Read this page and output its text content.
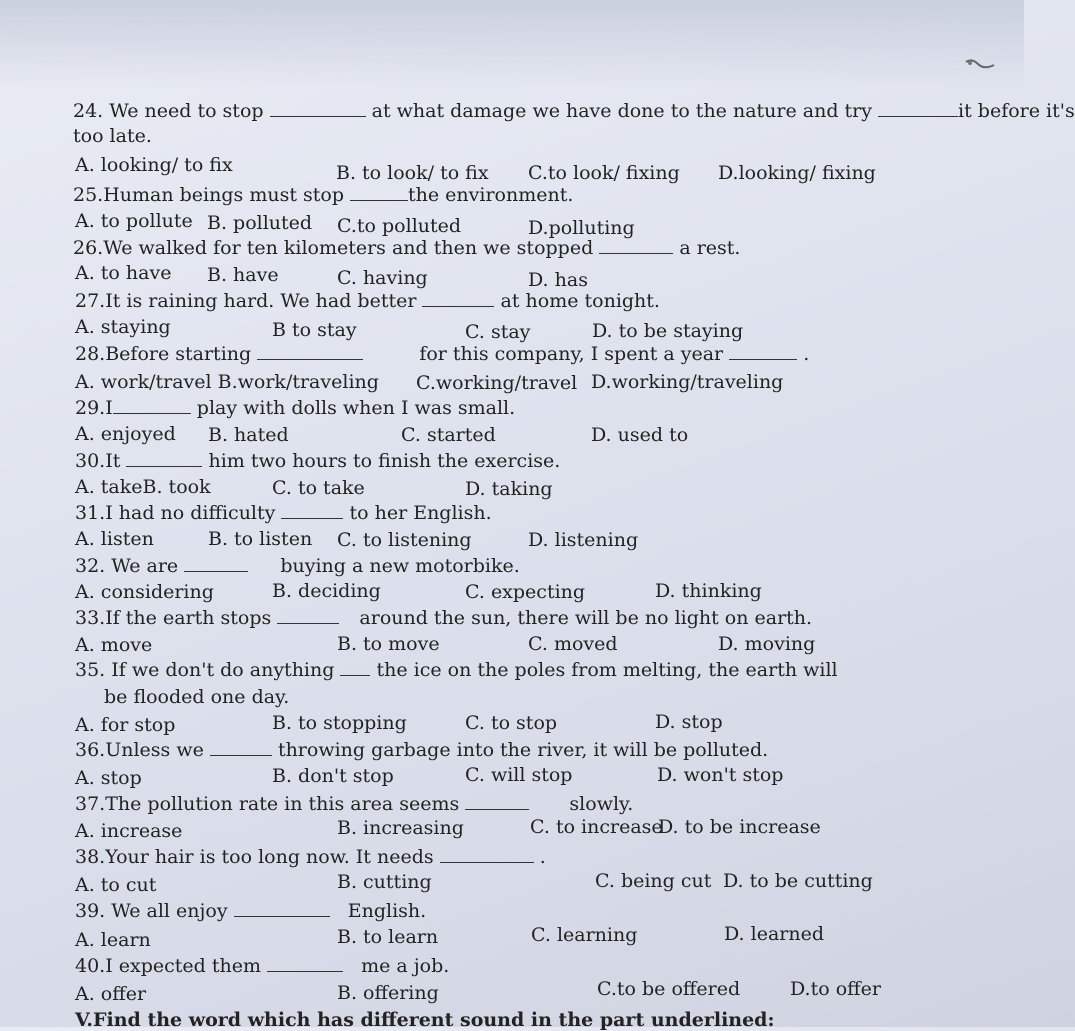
24. We need to stop	at what damage we have done to the nature and try	it before it's
too late.
A. looking/ to fix	B. to look/ to fix C.to look/ fixing D.looking/ fixing
25.Human beings must stop	the environment.
A. to pollute B. polluted C.to polluted	D.polluting
26.We walked for ten kilometers and then we stopped	a rest.
A. to have B. have	C. having	D. has
27.It is raining hard. We had better	at home tonight.
A. staying	B to stay	C. stay	D. to be staying
28.Before starting	for this company, I spent a year	.
A. work/travel B.work/traveling C.working/travel D.working/traveling
29.I	play with dolls when I was small.
A. enjoyed B. hated	C. started	D. used to
30.It	him two hours to finish the exercise.
A. takeB. took	C. to take	D. taking
31.I had no difficulty	to her English.
A. listen	B. to listen C. to listening	D. listening
32. We are	buying a new motorbike.
A. considering	B. deciding	C. expecting	D. thinking
33.If the earth stops	around the sun, there will be no light on earth.
A. move	B. to move	C. moved	D. moving
35. If we don't do anything the ice on the poles from melting, the earth will
be flooded one day.
A. for stop	B. to stopping	C. to stop	D. stop
36.Unless we	throwing garbage into the river, it will be polluted.
A. stop	B. don't stop	C. will stop	D. won't stop
37.The pollution rate in this area seems	slowly.
A. increase	B. increasing	C. to increase
D. to be increase
38.Your hair is too long now. It needs	.
A. to cut	B. cutting	C. being cut D. to be cutting
39. We all enjoy	English.
A. learn	B. to learn	C. learning	D. learned
40.I expected them	me a job.
A. offer	B. offering	C.to be offered	D.to offer
V.Find the word which has different sound in the part underlined:
